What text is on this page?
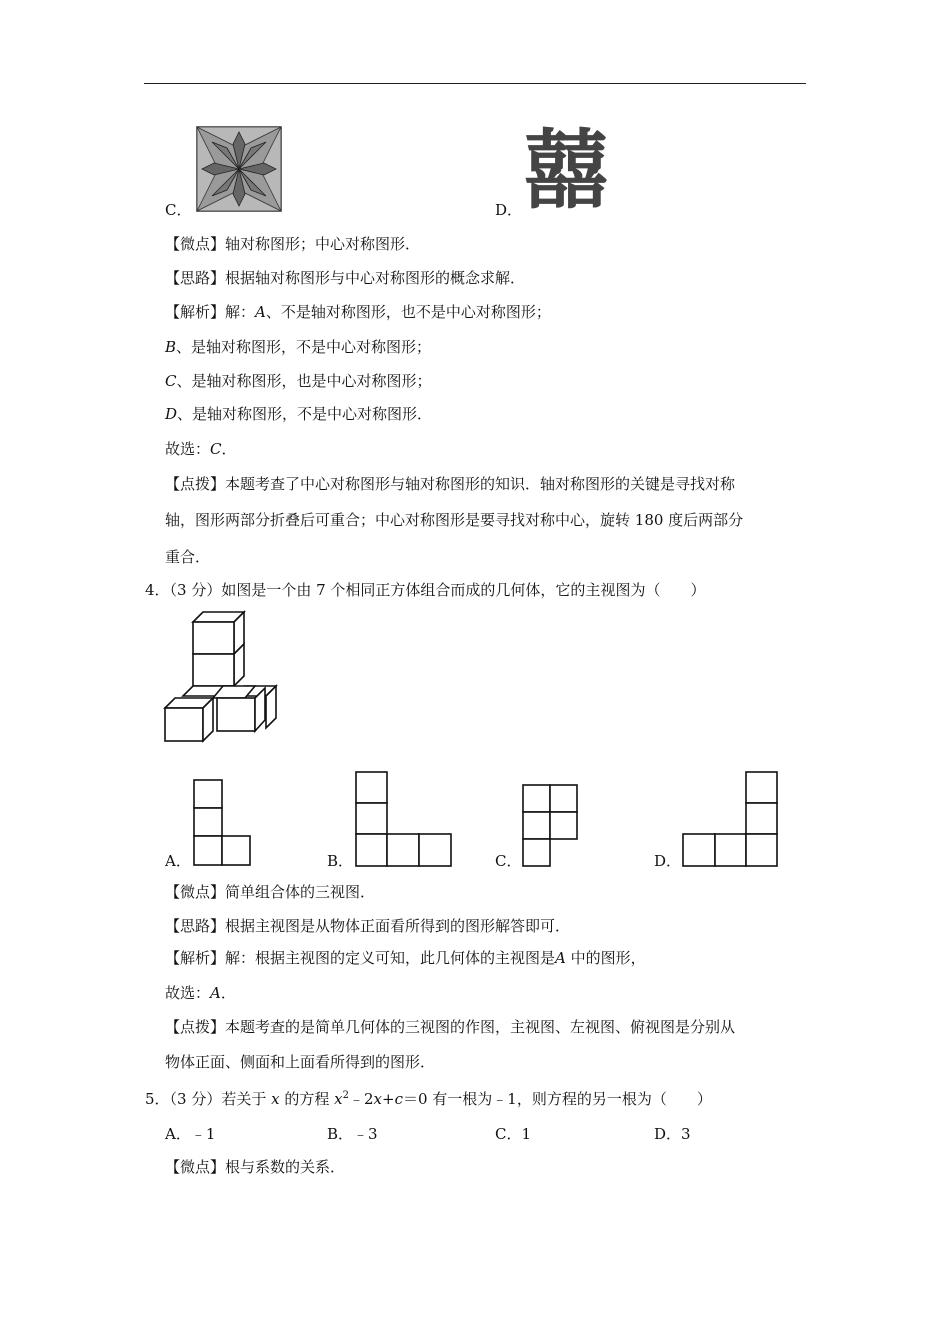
C．	D． 囍
【微点】轴对称图形；中心对称图形．
【思路】根据轴对称图形与中心对称图形的概念求解．
【解析】解：A、不是轴对称图形，也不是中心对称图形；
B、是轴对称图形，不是中心对称图形；
C、是轴对称图形，也是中心对称图形；
D、是轴对称图形，不是中心对称图形．
故选：C．
【点拨】本题考查了中心对称图形与轴对称图形的知识．轴对称图形的关键是寻找对称
轴，图形两部分折叠后可重合；中心对称图形是要寻找对称中心，旋转 180 度后两部分
重合．
4．（3 分）如图是一个由 7 个相同正方体组合而成的几何体，它的主视图为（　　）
A．	B．	C．	D．
【微点】简单组合体的三视图．
【思路】根据主视图是从物体正面看所得到的图形解答即可．
【解析】解：根据主视图的定义可知，此几何体的主视图是A 中的图形，
故选：A．
【点拨】本题考查的是简单几何体的三视图的作图，主视图、左视图、俯视图是分别从
物体正面、侧面和上面看所得到的图形．
5．（3 分）若关于 x 的方程 $x^2﹣2x+c=0$ 有一根为﹣1，则方程的另一根为（　　）
A．﹣1	B．﹣3	C．1	D．3
【微点】根与系数的关系．
